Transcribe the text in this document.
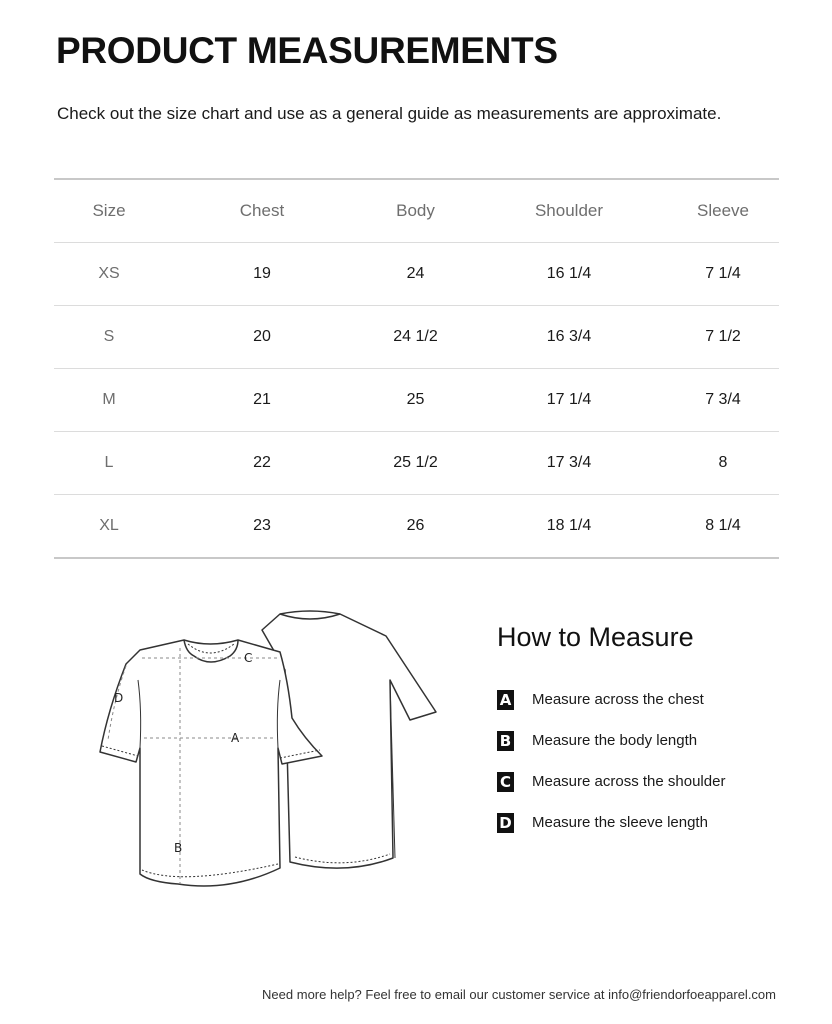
PRODUCT MEASUREMENTS

Check out the size chart and use as a general guide as measurements are approximate.

Size	Chest	Body	Shoulder	Sleeve
XS	19	24	16 1/4	7 1/4
S	20	24 1/2	16 3/4	7 1/2
M	21	25	17 1/4	7 3/4
L	22	25 1/2	17 3/4	8
XL	23	26	18 1/4	8 1/4
A
B
C
D
How to Measure
A Measure across the chest
B Measure the body length
C Measure across the shoulder
D Measure the sleeve length

Need more help? Feel free to email our customer service at info@friendorfoeapparel.com
